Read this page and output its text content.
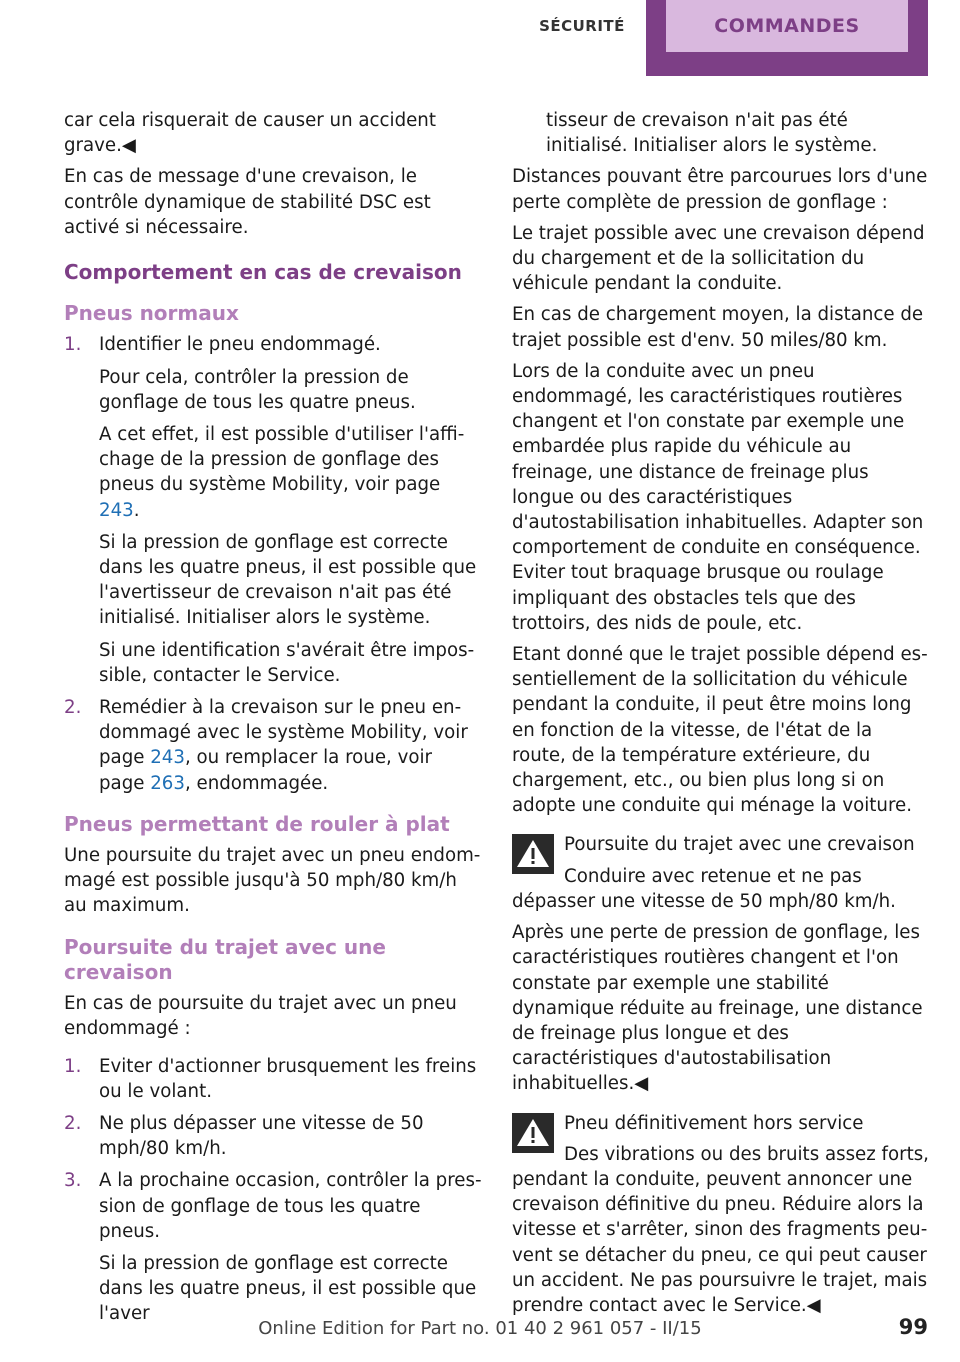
SÉCURITÉ	COMMANDES

car cela risquerait de causer un accident grave.◀

En cas de message d'une crevaison, le contrôle dynamique de stabilité DSC est activé si nécessaire.

Comportement en cas de crevaison
Pneus normaux
1. Identifier le pneu endommagé.

Pour cela, contrôler la pression de gonflage de tous les quatre pneus.

A cet effet, il est possible d'utiliser l'affichage de la pression de gonflage des pneus du système Mobility, voir page 243.

Si la pression de gonflage est correcte dans les quatre pneus, il est possible que l'avertisseur de crevaison n'ait pas été initialisé. Initialiser alors le système.

Si une identification s'avérait être impossible, contacter le Service.

2. Remédier à la crevaison sur le pneu endommagé avec le système Mobility, voir page 243, ou remplacer la roue, voir page 263, endommagée.

Pneus permettant de rouler à plat

Une poursuite du trajet avec un pneu endommagé est possible jusqu'à 50 mph/80 km/h au maximum.

Poursuite du trajet avec une crevaison

En cas de poursuite du trajet avec un pneu endommagé :

1. Eviter d'actionner brusquement les freins ou le volant.

2. Ne plus dépasser une vitesse de 50 mph/80 km/h.

3. A la prochaine occasion, contrôler la pression de gonflage de tous les quatre pneus.

Si la pression de gonflage est correcte dans les quatre pneus, il est possible que l'aver

tisseur de crevaison n'ait pas été initialisé. Initialiser alors le système.

Distances pouvant être parcourues lors d'une perte complète de pression de gonflage :

Le trajet possible avec une crevaison dépend du chargement et de la sollicitation du véhicule pendant la conduite.

En cas de chargement moyen, la distance de trajet possible est d'env. 50 miles/80 km.

Lors de la conduite avec un pneu endommagé, les caractéristiques routières changent et l'on constate par exemple une embardée plus rapide du véhicule au freinage, une distance de freinage plus longue ou des caractéristiques d'autostabilisation inhabituelles. Adapter son comportement de conduite en conséquence. Eviter tout braquage brusque ou roulage impliquant des obstacles tels que des trottoirs, des nids de poule, etc.

Etant donné que le trajet possible dépend essentiellement de la sollicitation du véhicule pendant la conduite, il peut être moins long en fonction de la vitesse, de l'état de la route, de la température extérieure, du chargement, etc., ou bien plus long si on adopte une conduite qui ménage la voiture.

Poursuite du trajet avec une crevaison

Conduire avec retenue et ne pas dépasser une vitesse de 50 mph/80 km/h.

Après une perte de pression de gonflage, les caractéristiques routières changent et l'on constate par exemple une stabilité dynamique réduite au freinage, une distance de freinage plus longue et des caractéristiques d'autostabilisation inhabituelles.◀

Pneu définitivement hors service

Des vibrations ou des bruits assez forts, pendant la conduite, peuvent annoncer une crevaison définitive du pneu. Réduire alors la vitesse et s'arrêter, sinon des fragments peuvent se détacher du pneu, ce qui peut causer un accident. Ne pas poursuivre le trajet, mais prendre contact avec le Service.◀

99
Online Edition for Part no. 01 40 2 961 057 - II/15
